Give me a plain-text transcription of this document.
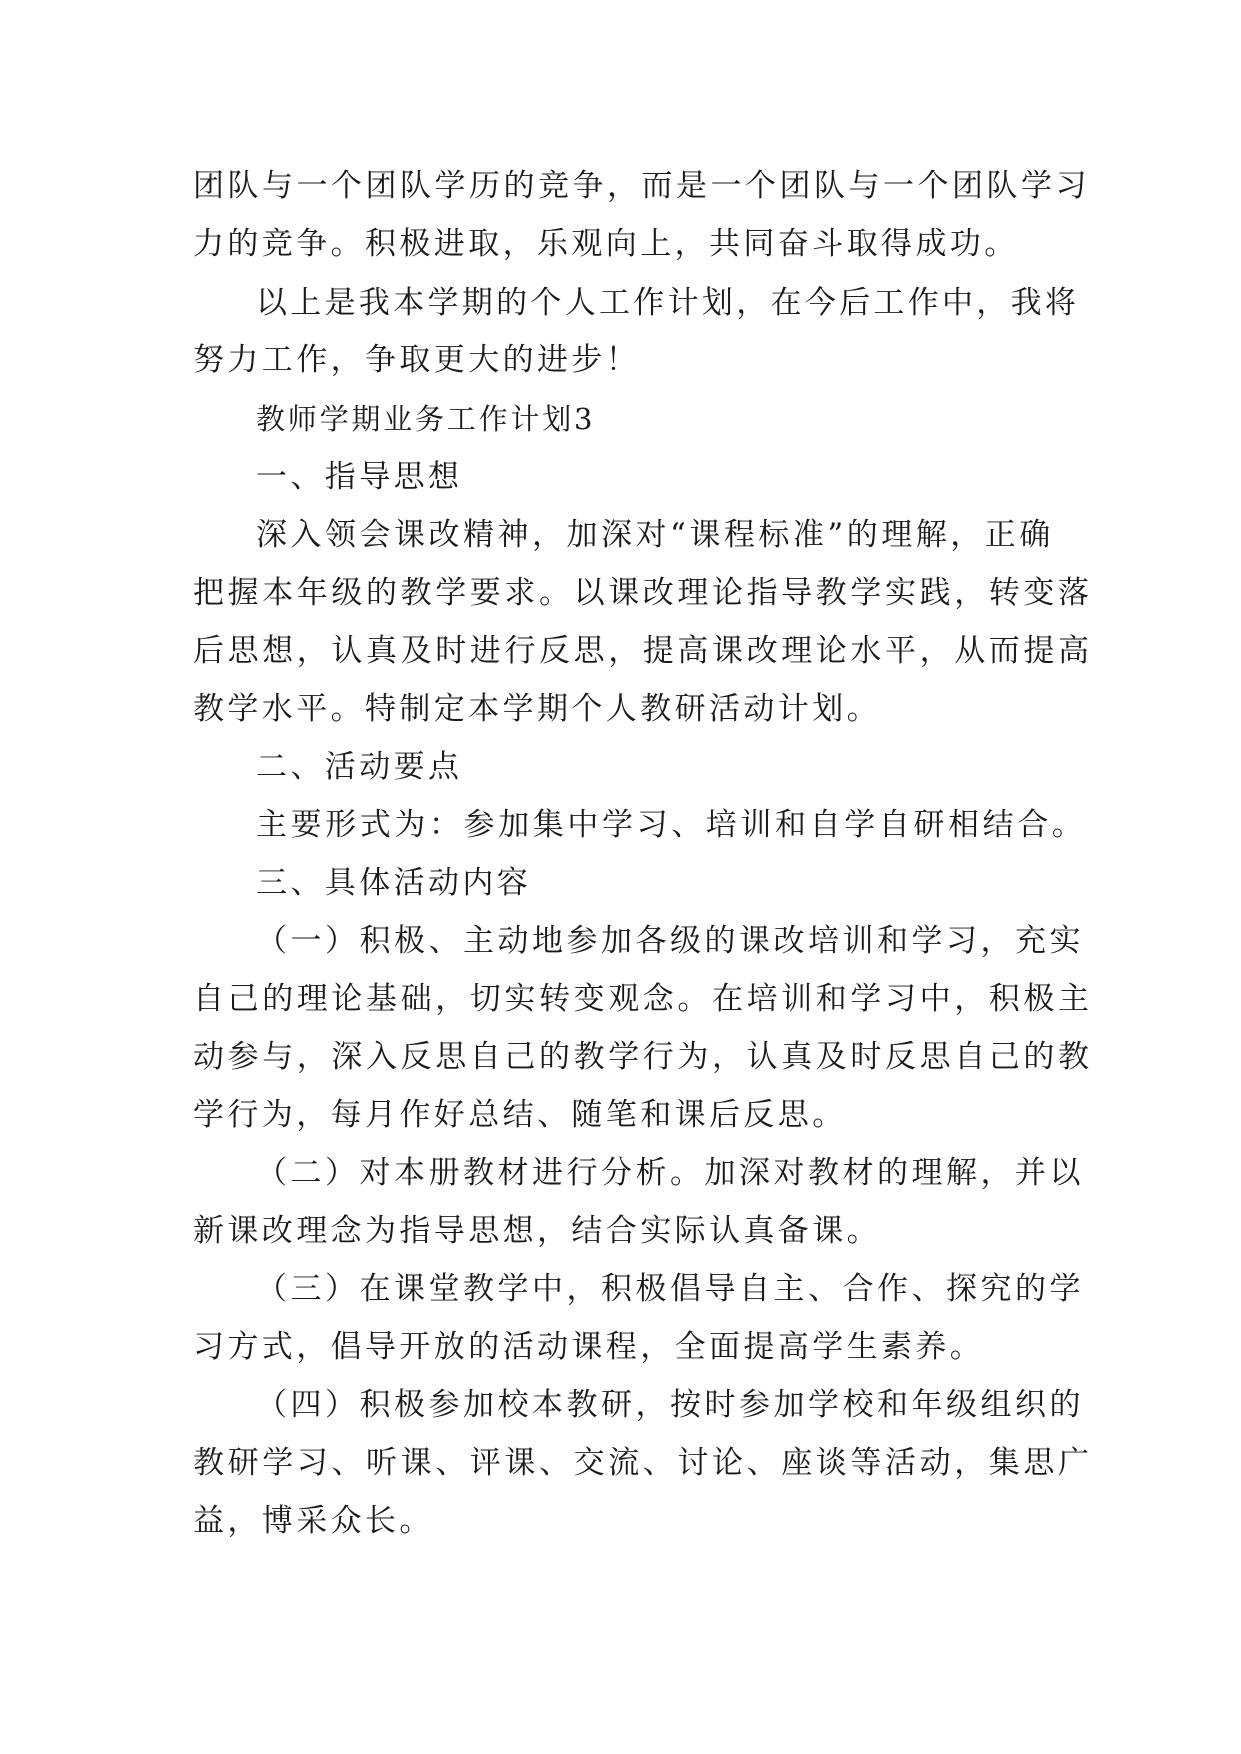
团队与一个团队学历的竞争，而是一个团队与一个团队学习

力的竞争。积极进取，乐观向上，共同奋斗取得成功。

以上是我本学期的个人工作计划，在今后工作中，我将

努力工作，争取更大的进步！

教师学期业务工作计划3

一、指导思想

深入领会课改精神，加深对“课程标准”的理解，正确

把握本年级的教学要求。以课改理论指导教学实践，转变落

后思想，认真及时进行反思，提高课改理论水平，从而提高

教学水平。特制定本学期个人教研活动计划。

二、活动要点

主要形式为：参加集中学习、培训和自学自研相结合。

三、具体活动内容

（一）积极、主动地参加各级的课改培训和学习，充实

自己的理论基础，切实转变观念。在培训和学习中，积极主

动参与，深入反思自己的教学行为，认真及时反思自己的教

学行为，每月作好总结、随笔和课后反思。

（二）对本册教材进行分析。加深对教材的理解，并以

新课改理念为指导思想，结合实际认真备课。

（三）在课堂教学中，积极倡导自主、合作、探究的学

习方式，倡导开放的活动课程，全面提高学生素养。

（四）积极参加校本教研，按时参加学校和年级组织的

教研学习、听课、评课、交流、讨论、座谈等活动，集思广

益，博采众长。
